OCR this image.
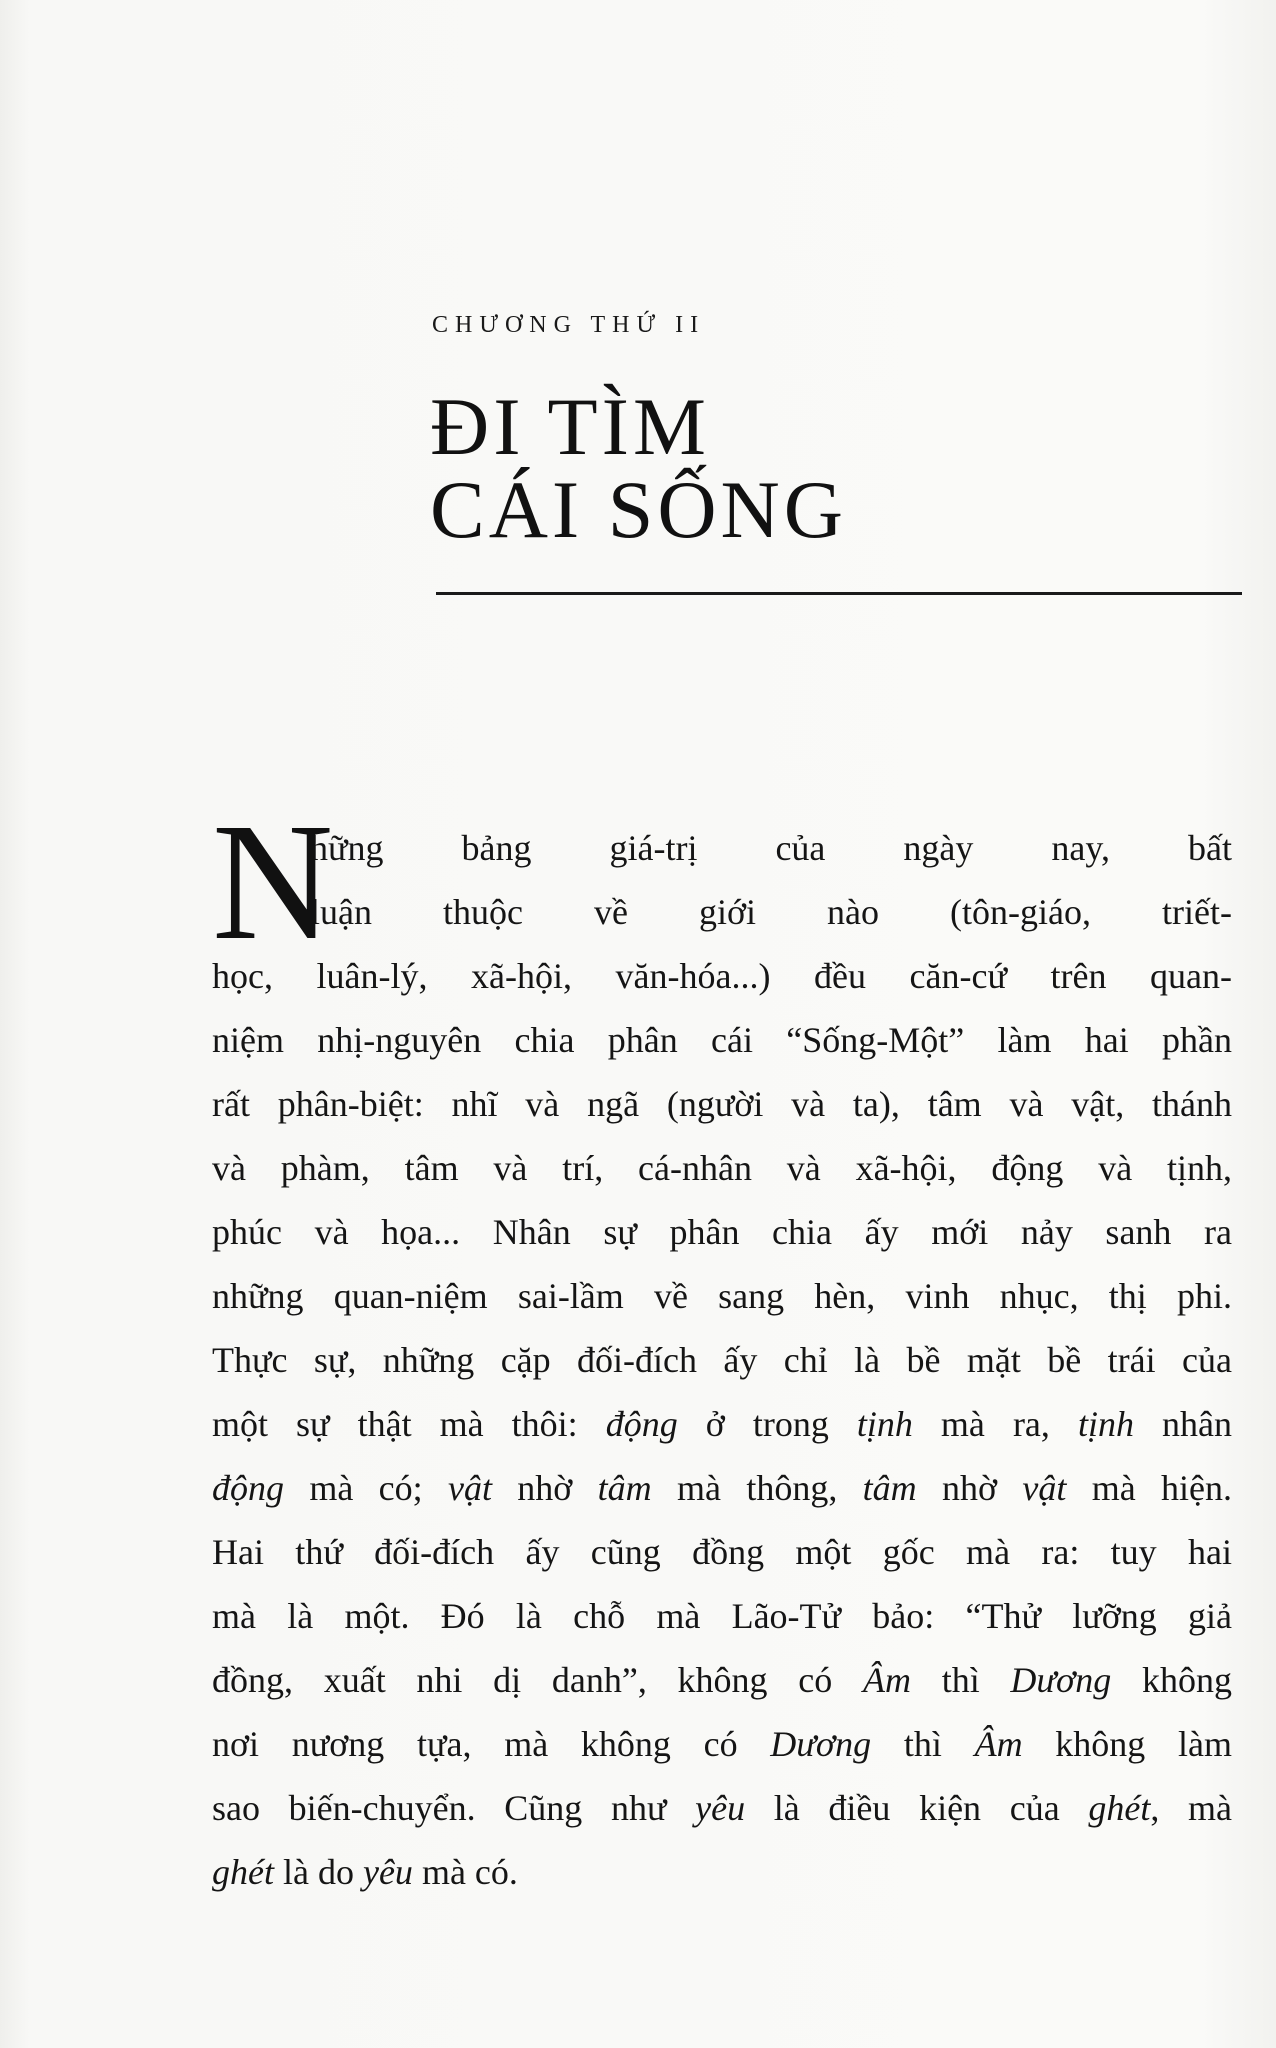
CHƯƠNG THỨ II
ĐI TÌM
CÁI SỐNG
N
hững bảng giá-trị của ngày nay, bất
luận thuộc về giới nào (tôn-giáo, triết-
học, luân-lý, xã-hội, văn-hóa...) đều căn-cứ trên quan-
niệm nhị-nguyên chia phân cái “Sống-Một” làm hai phần
rất phân-biệt: nhĩ và ngã (người và ta), tâm và vật, thánh
và phàm, tâm và trí, cá-nhân và xã-hội, động và tịnh,
phúc và họa... Nhân sự phân chia ấy mới nảy sanh ra
những quan-niệm sai-lầm về sang hèn, vinh nhục, thị phi.
Thực sự, những cặp đối-đích ấy chỉ là bề mặt bề trái của
một sự thật mà thôi: động ở trong tịnh mà ra, tịnh nhân
động mà có; vật nhờ tâm mà thông, tâm nhờ vật mà hiện.
Hai thứ đối-đích ấy cũng đồng một gốc mà ra: tuy hai
mà là một. Đó là chỗ mà Lão-Tử bảo: “Thử lưỡng giả
đồng, xuất nhi dị danh”, không có Âm thì Dương không
nơi nương tựa, mà không có Dương thì Âm không làm
sao biến-chuyển. Cũng như yêu là điều kiện của ghét, mà
ghét là do yêu mà có.
